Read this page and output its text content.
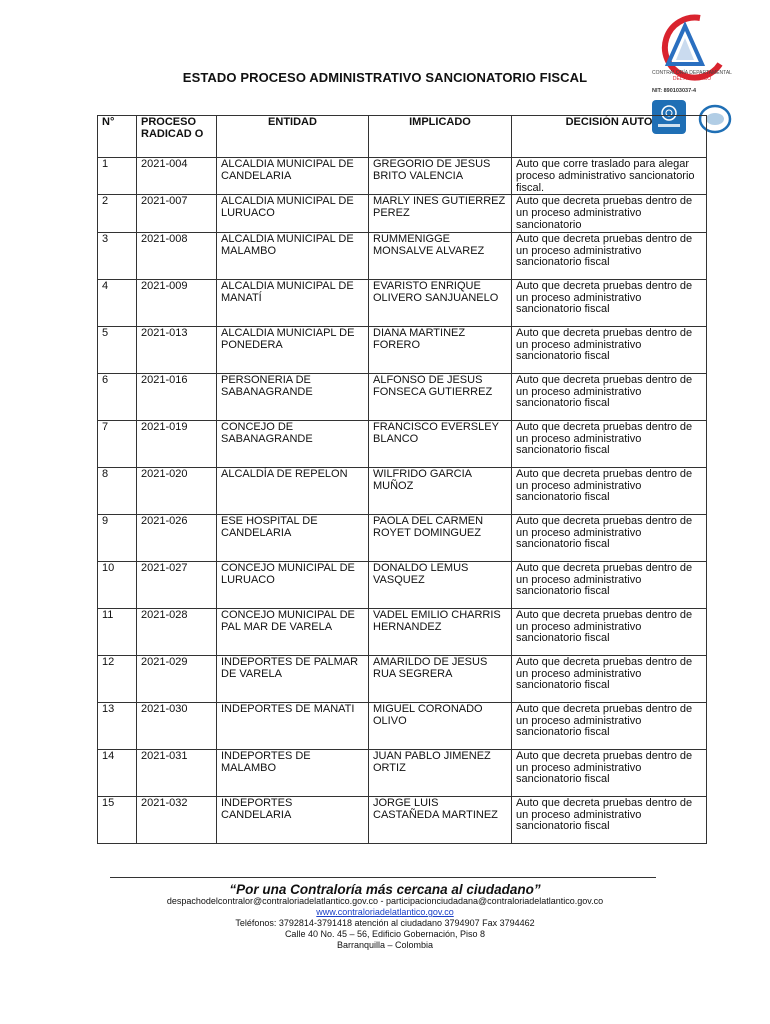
CONTRALORÍA DEPARTAMENTAL
DEL ATLÁNTICO
NIT: 890103037-4
ESTADO PROCESO ADMINISTRATIVO SANCIONATORIO FISCAL
N°	PROCESO RADICAD O	ENTIDAD	IMPLICADO	DECISIÓN AUTO
1	2021-004	ALCALDIA MUNICIPAL DE CANDELARIA	GREGORIO DE JESUS BRITO VALENCIA	Auto que corre traslado para alegar proceso administrativo sancionatorio fiscal.
2	2021-007	ALCALDIA MUNICIPAL DE LURUACO	MARLY INES GUTIERREZ PEREZ	Auto que decreta pruebas dentro de un proceso administrativo sancionatorio
3	2021-008	ALCALDIA MUNICIPAL DE MALAMBO	RUMMENIGGE MONSALVE ALVAREZ	Auto que decreta pruebas dentro de un proceso administrativo sancionatorio fiscal
4	2021-009	ALCALDIA MUNICIPAL DE MANATÍ	EVARISTO ENRIQUE OLIVERO SANJUANELO	Auto que decreta pruebas dentro de un proceso administrativo sancionatorio fiscal
5	2021-013	ALCALDIA MUNICIAPL DE PONEDERA	DIANA MARTINEZ FORERO	Auto que decreta pruebas dentro de un proceso administrativo sancionatorio fiscal
6	2021-016	PERSONERIA DE SABANAGRANDE	ALFONSO DE JESUS FONSECA GUTIERREZ	Auto que decreta pruebas dentro de un proceso administrativo sancionatorio fiscal
7	2021-019	CONCEJO DE SABANAGRANDE	FRANCISCO EVERSLEY BLANCO	Auto que decreta pruebas dentro de un proceso administrativo sancionatorio fiscal
8	2021-020	ALCALDÍA DE REPELON	WILFRIDO GARCIA MUÑOZ	Auto que decreta pruebas dentro de un proceso administrativo sancionatorio fiscal
9	2021-026	ESE HOSPITAL DE CANDELARIA	PAOLA DEL CARMEN ROYET DOMINGUEZ	Auto que decreta pruebas dentro de un proceso administrativo sancionatorio fiscal
10	2021-027	CONCEJO MUNICIPAL DE LURUACO	DONALDO LEMUS VASQUEZ	Auto que decreta pruebas dentro de un proceso administrativo sancionatorio fiscal
11	2021-028	CONCEJO MUNICIPAL DE PAL MAR DE VARELA	VADEL EMILIO CHARRIS HERNANDEZ	Auto que decreta pruebas dentro de un proceso administrativo sancionatorio fiscal
12	2021-029	INDEPORTES DE PALMAR DE VARELA	AMARILDO DE JESUS RUA SEGRERA	Auto que decreta pruebas dentro de un proceso administrativo sancionatorio fiscal
13	2021-030	INDEPORTES DE MANATI	MIGUEL CORONADO OLIVO	Auto que decreta pruebas dentro de un proceso administrativo sancionatorio fiscal
14	2021-031	INDEPORTES DE MALAMBO	JUAN PABLO JIMENEZ ORTIZ	Auto que decreta pruebas dentro de un proceso administrativo sancionatorio fiscal
15	2021-032	INDEPORTES CANDELARIA	JORGE LUIS CASTAÑEDA MARTINEZ	Auto que decreta pruebas dentro de un proceso administrativo sancionatorio fiscal
“Por una Contraloría más cercana al ciudadano”
despachodelcontralor@contraloriadelatlantico.gov.co - participacionciudadana@contraloriadelatlantico.gov.co
www.contraloriadelatlantico.gov.co
Teléfonos: 3792814-3791418 atención al ciudadano 3794907 Fax 3794462
Calle 40 No. 45 – 56, Edificio Gobernación, Piso 8
Barranquilla – Colombia
